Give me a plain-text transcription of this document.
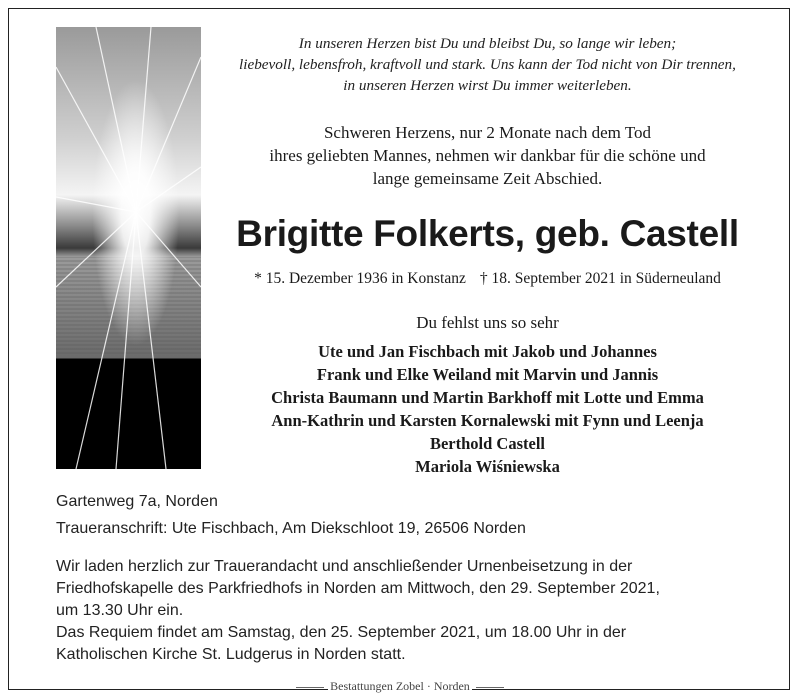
In unseren Herzen bist Du und bleibst Du, so lange wir leben;

liebevoll, lebensfroh, kraftvoll und stark. Uns kann der Tod nicht von Dir trennen,

in unseren Herzen wirst Du immer weiterleben.

Schweren Herzens, nur 2 Monate nach dem Tod

ihres geliebten Mannes, nehmen wir dankbar für die schöne und

lange gemeinsame Zeit Abschied.

Brigitte Folkerts, geb. Castell
* 15. Dezember 1936 in Konstanz † 18. September 2021 in Süderneuland
Du fehlst uns so sehr

Ute und Jan Fischbach mit Jakob und Johannes

Frank und Elke Weiland mit Marvin und Jannis

Christa Baumann und Martin Barkhoff mit Lotte und Emma

Ann-Kathrin und Karsten Kornalewski mit Fynn und Leenja

Berthold Castell

Mariola Wiśniewska

Gartenweg 7a, Norden
Traueranschrift: Ute Fischbach, Am Diekschloot 19, 26506 Norden

Wir laden herzlich zur Trauerandacht und anschließender Urnenbeisetzung in der

Friedhofskapelle des Parkfriedhofs in Norden am Mittwoch, den 29. September 2021,

um 13.30 Uhr ein.

Das Requiem findet am Samstag, den 25. September 2021, um 18.00 Uhr in der

Katholischen Kirche St. Ludgerus in Norden statt.

Bestattungen Zobel · Norden
